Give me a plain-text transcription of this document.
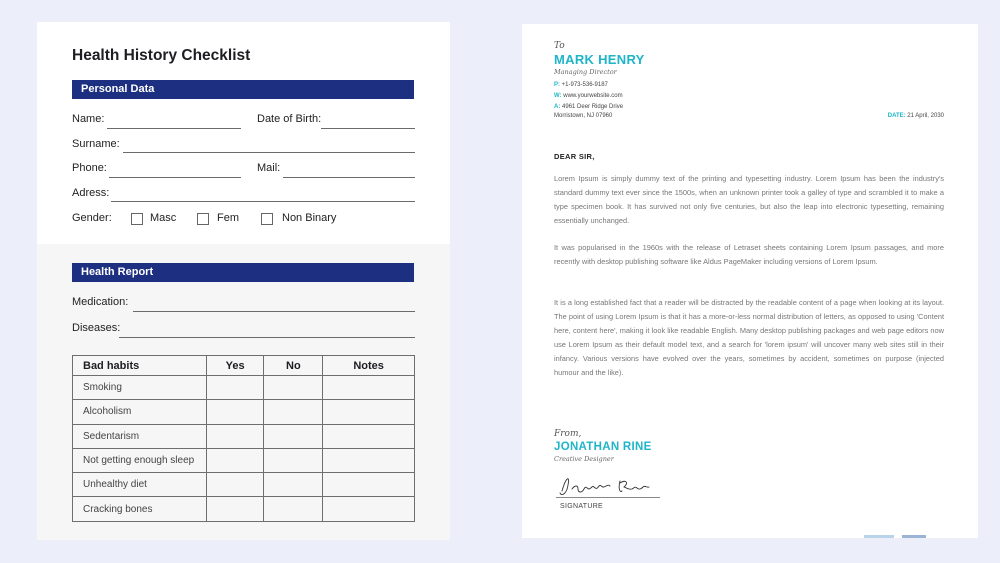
Health History Checklist
Personal Data
Name:	Date of Birth:
Surname:
Phone:	Mail:
Adress:
Gender:	Masc	Fem	Non Binary
Health Report
Medication:
Diseases:
Bad habits	Yes	No	Notes
Smoking			
Alcoholism			
Sedentarism			
Not getting enough sleep			
Unhealthy diet			
Cracking bones			
To
MARK HENRY
Managing Director
P: +1-973-536-9187
W: www.yourwebsite.com
A: 4961 Deer Ridge Drive
Morristown, NJ 07960	DATE: 21 April, 2030
DEAR SIR,
Lorem Ipsum is simply dummy text of the printing and typesetting industry. Lorem Ipsum has been the industry's standard dummy text ever since the 1500s, when an unknown printer took a galley of type and scrambled it to make a type specimen book. It has survived not only five centuries, but also the leap into electronic typesetting, remaining essentially unchanged.
It was popularised in the 1960s with the release of Letraset sheets containing Lorem Ipsum passages, and more recently with desktop publishing software like Aldus PageMaker including versions of Lorem Ipsum.
It is a long established fact that a reader will be distracted by the readable content of a page when looking at its layout. The point of using Lorem Ipsum is that it has a more-or-less normal distribution of letters, as opposed to using 'Content here, content here', making it look like readable English. Many desktop publishing packages and web page editors now use Lorem Ipsum as their default model text, and a search for 'lorem ipsum' will uncover many web sites still in their infancy. Various versions have evolved over the years, sometimes by accident, sometimes on purpose (injected humour and the like).
From,
JONATHAN RINE
Creative Designer
SIGNATURE
